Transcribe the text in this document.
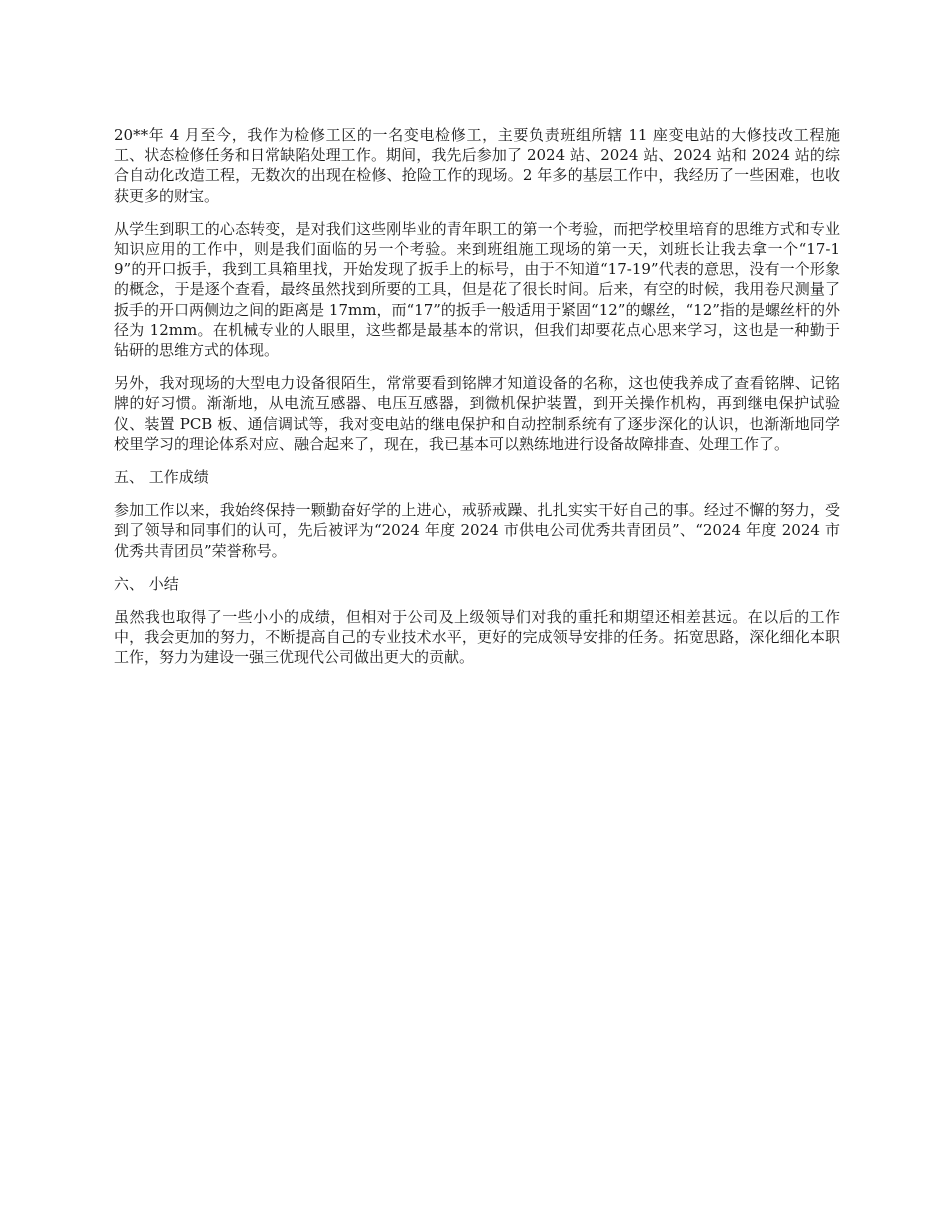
20**年 4 月至今，我作为检修工区的一名变电检修工，主要负责班组所辖 11 座变电站的大修技改工程施工、状态检修任务和日常缺陷处理工作。期间，我先后参加了 2024 站、2024 站、2024 站和 2024 站的综合自动化改造工程，无数次的出现在检修、抢险工作的现场。2 年多的基层工作中，我经历了一些困难，也收获更多的财宝。

从学生到职工的心态转变，是对我们这些刚毕业的青年职工的第一个考验，而把学校里培育的思维方式和专业知识应用的工作中，则是我们面临的另一个考验。来到班组施工现场的第一天，刘班长让我去拿一个“17-19”的开口扳手，我到工具箱里找，开始发现了扳手上的标号，由于不知道“17-19”代表的意思，没有一个形象的概念，于是逐个查看，最终虽然找到所要的工具，但是花了很长时间。后来，有空的时候，我用卷尺测量了扳手的开口两侧边之间的距离是 17mm，而“17”的扳手一般适用于紧固“12”的螺丝，“12”指的是螺丝杆的外径为 12mm。在机械专业的人眼里，这些都是最基本的常识，但我们却要花点心思来学习，这也是一种勤于钻研的思维方式的体现。

另外，我对现场的大型电力设备很陌生，常常要看到铭牌才知道设备的名称，这也使我养成了查看铭牌、记铭牌的好习惯。渐渐地，从电流互感器、电压互感器，到微机保护装置，到开关操作机构，再到继电保护试验仪、装置 PCB 板、通信调试等，我对变电站的继电保护和自动控制系统有了逐步深化的认识，也渐渐地同学校里学习的理论体系对应、融合起来了，现在，我已基本可以熟练地进行设备故障排查、处理工作了。

五、 工作成绩

参加工作以来，我始终保持一颗勤奋好学的上进心，戒骄戒躁、扎扎实实干好自己的事。经过不懈的努力，受到了领导和同事们的认可，先后被评为“2024 年度 2024 市供电公司优秀共青团员”、“2024 年度 2024 市优秀共青团员”荣誉称号。

六、 小结

虽然我也取得了一些小小的成绩，但相对于公司及上级领导们对我的重托和期望还相差甚远。在以后的工作中，我会更加的努力，不断提高自己的专业技术水平，更好的完成领导安排的任务。拓宽思路，深化细化本职工作，努力为建设一强三优现代公司做出更大的贡献。
